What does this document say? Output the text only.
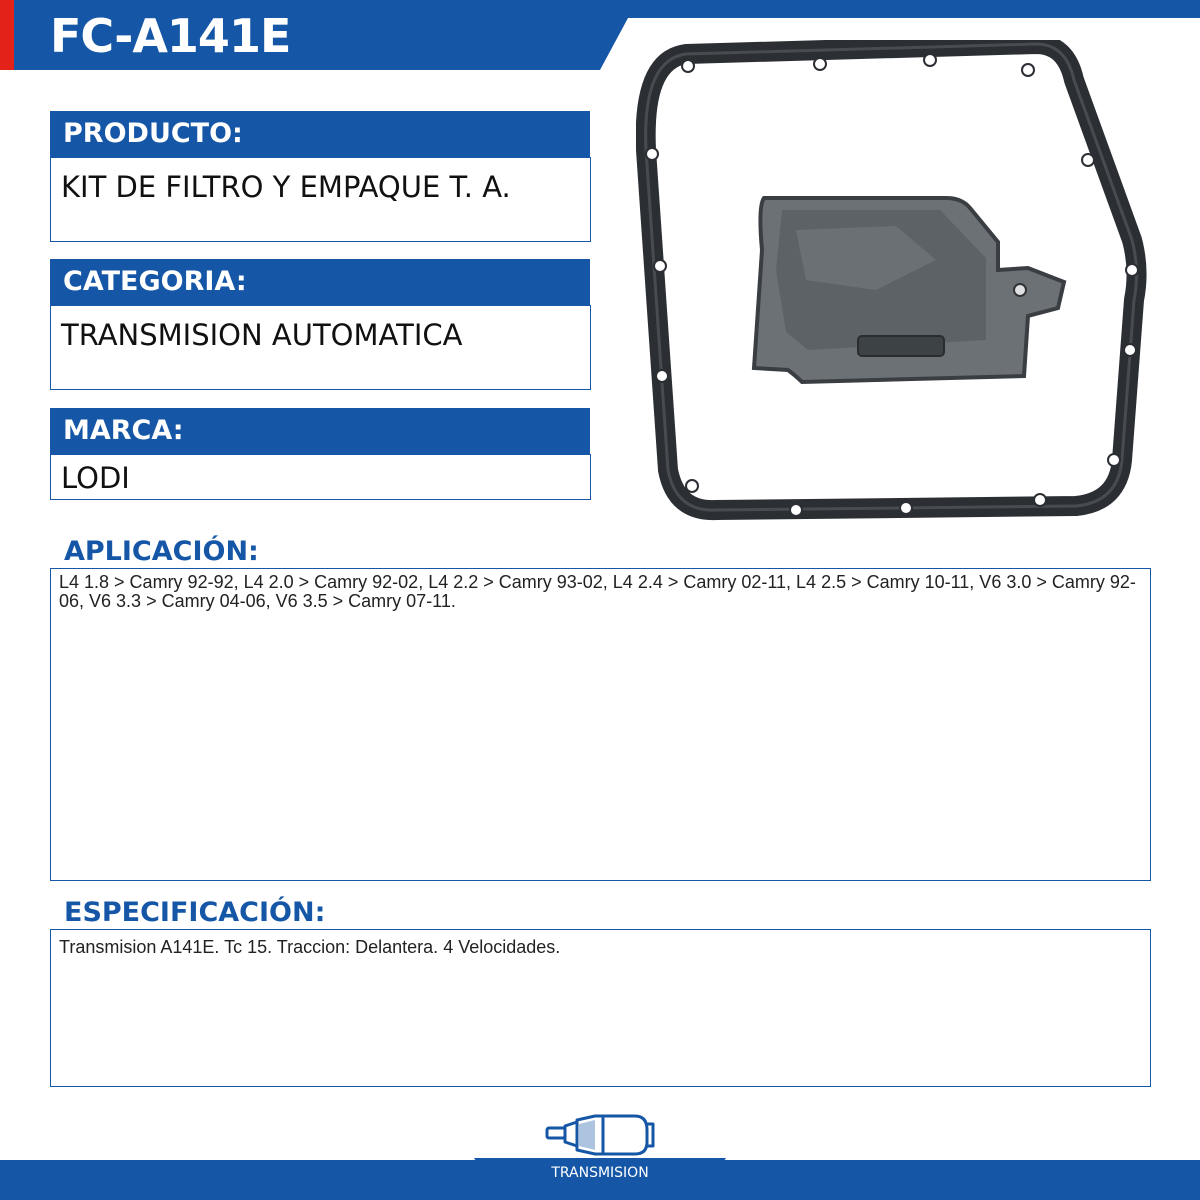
FC-A141E
PRODUCTO:
KIT DE FILTRO Y EMPAQUE T. A.
CATEGORIA:
TRANSMISION AUTOMATICA
MARCA:
LODI
APLICACIÓN:
L4 1.8 > Camry 92-92, L4 2.0 > Camry 92-02, L4 2.2 > Camry 93-02, L4 2.4 > Camry 02-11, L4 2.5 > Camry 10-11, V6 3.0 > Camry 92-06, V6 3.3 > Camry 04-06, V6 3.5 > Camry 07-11.
ESPECIFICACIÓN:
Transmision A141E. Tc 15. Traccion: Delantera. 4 Velocidades.
TRANSMISION
